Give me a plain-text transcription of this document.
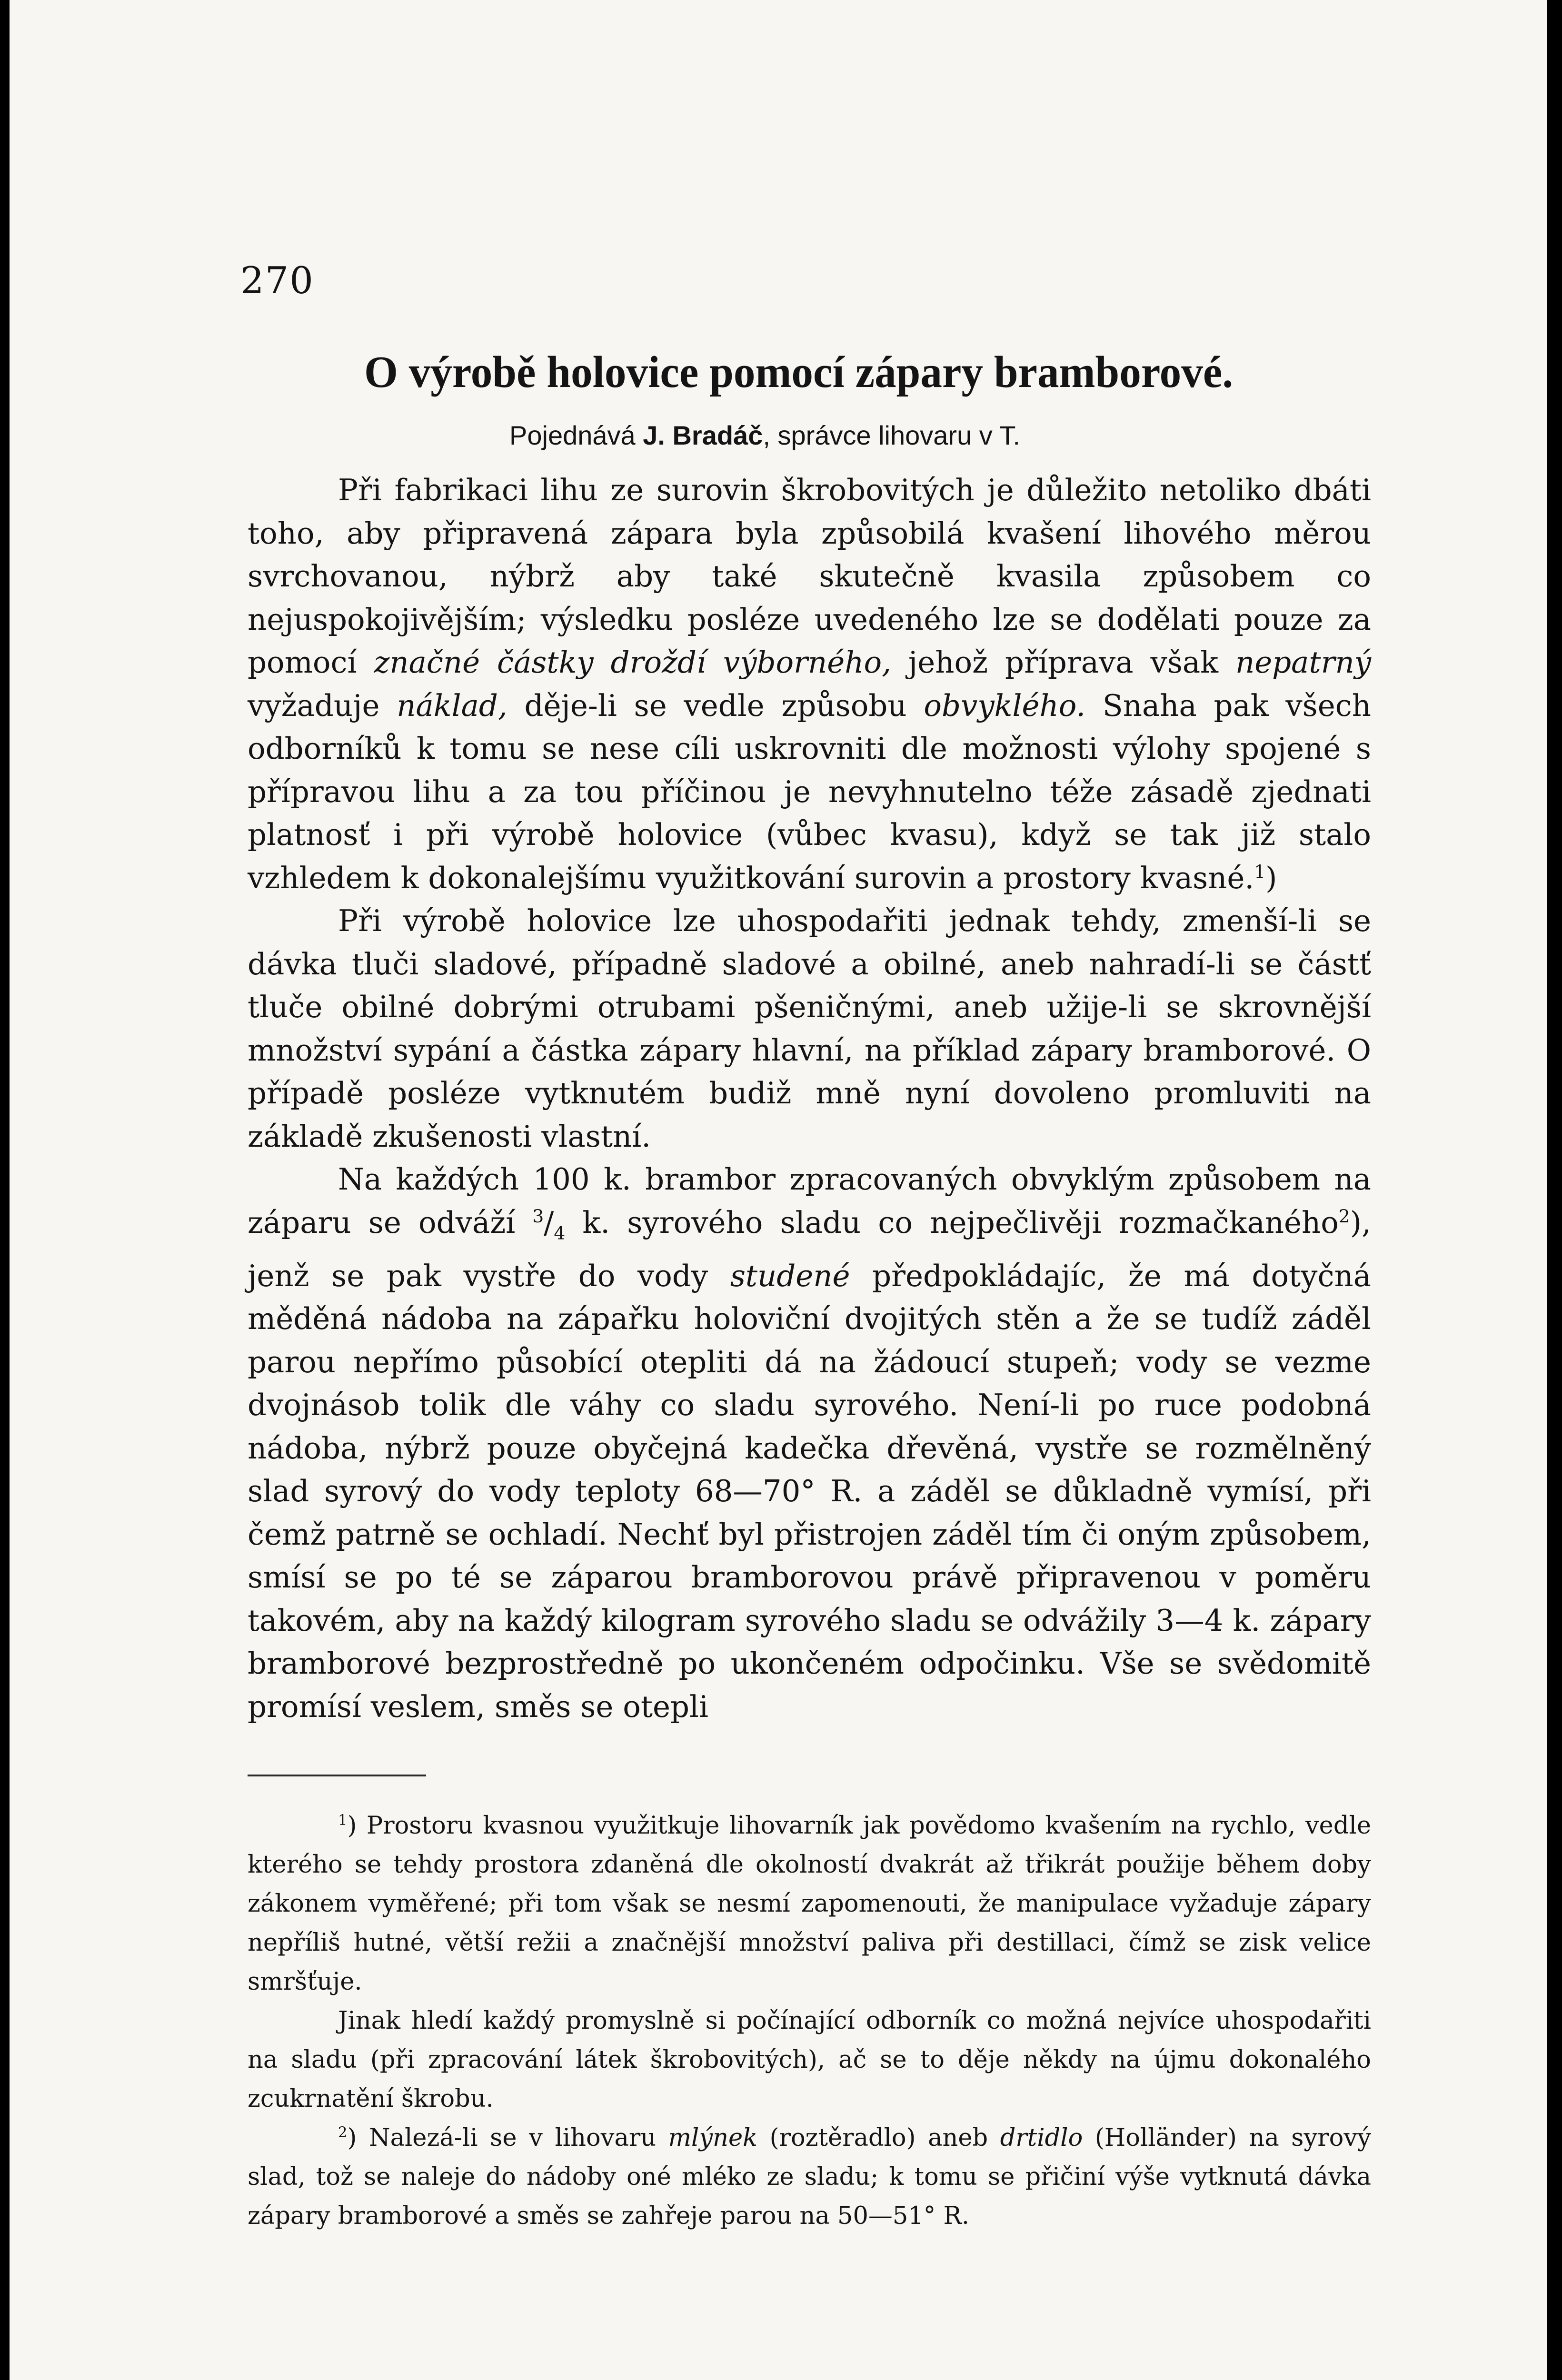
270
O výrobě holovice pomocí zápary bramborové.
Pojednává J. Bradáč, správce lihovaru v T.

Při fabrikaci lihu ze surovin škrobovitých je důležito netoliko dbáti toho, aby připravená zápara byla způsobilá kvašení lihového měrou svrchovanou, nýbrž aby také skutečně kvasila způsobem co nejuspokojivějším; výsledku posléze uvedeného lze se dodělati pouze za pomocí značné částky droždí výborného, jehož příprava však nepatrný vyžaduje náklad, děje-li se vedle způsobu obvyklého. Snaha pak všech odborníků k tomu se nese cíli uskrovniti dle možnosti výlohy spojené s přípravou lihu a za tou příčinou je nevyhnutelno téže zásadě zjednati platnosť i při výrobě holovice (vůbec kvasu), když se tak již stalo vzhledem k dokonalejšímu využitkování surovin a prostory kvasné.$^1$)

Při výrobě holovice lze uhospodařiti jednak tehdy, zmenší-li se dávka tluči sladové, případně sladové a obilné, aneb nahradí-li se částť tluče obilné dobrými otrubami pšeničnými, aneb užije-li se skrovnější množství sypání a částka zápary hlavní, na příklad zápary bramborové. O případě posléze vytknutém budiž mně nyní dovoleno promluviti na základě zkušenosti vlastní.

Na každých 100 k. brambor zpracovaných obvyklým způsobem na záparu se odváží $^3/_4$ k. syrového sladu co nejpečlivěji rozmačkaného$^2$), jenž se pak vystře do vody studené předpokládajíc, že má dotyčná měděná nádoba na zápařku holoviční dvojitých stěn a že se tudíž záděl parou nepřímo působící otepliti dá na žádoucí stupeň; vody se vezme dvojnásob tolik dle váhy co sladu syrového. Není-li po ruce podobná nádoba, nýbrž pouze obyčejná kadečka dřevěná, vystře se rozmělněný slad syrový do vody teploty 68—70° R. a záděl se důkladně vymísí, při čemž patrně se ochladí. Nechť byl přistrojen záděl tím či oným způsobem, smísí se po té se záparou bramborovou právě připravenou v poměru takovém, aby na každý kilogram syrového sladu se odvážily 3—4 k. zápary bramborové bezprostředně po ukončeném odpočinku. Vše se svědomitě promísí veslem, směs se otepli

$^1$) Prostoru kvasnou využitkuje lihovarník jak povědomo kvašením na rychlo, vedle kterého se tehdy prostora zdaněná dle okolností dvakrát až třikrát použije během doby zákonem vyměřené; při tom však se nesmí zapomenouti, že manipulace vyžaduje zápary nepříliš hutné, větší režii a značnější množství paliva při destillaci, čímž se zisk velice smršťuje.

Jinak hledí každý promyslně si počínající odborník co možná nejvíce uhospodařiti na sladu (při zpracování látek škrobovitých), ač se to děje někdy na újmu dokonalého zcukrnatění škrobu.

$^2$) Nalezá-li se v lihovaru mlýnek (roztěradlo) aneb drtidlo (Holländer) na syrový slad, tož se naleje do nádoby oné mléko ze sladu; k tomu se přičiní výše vytknutá dávka zápary bramborové a směs se zahřeje parou na 50—51° R.
